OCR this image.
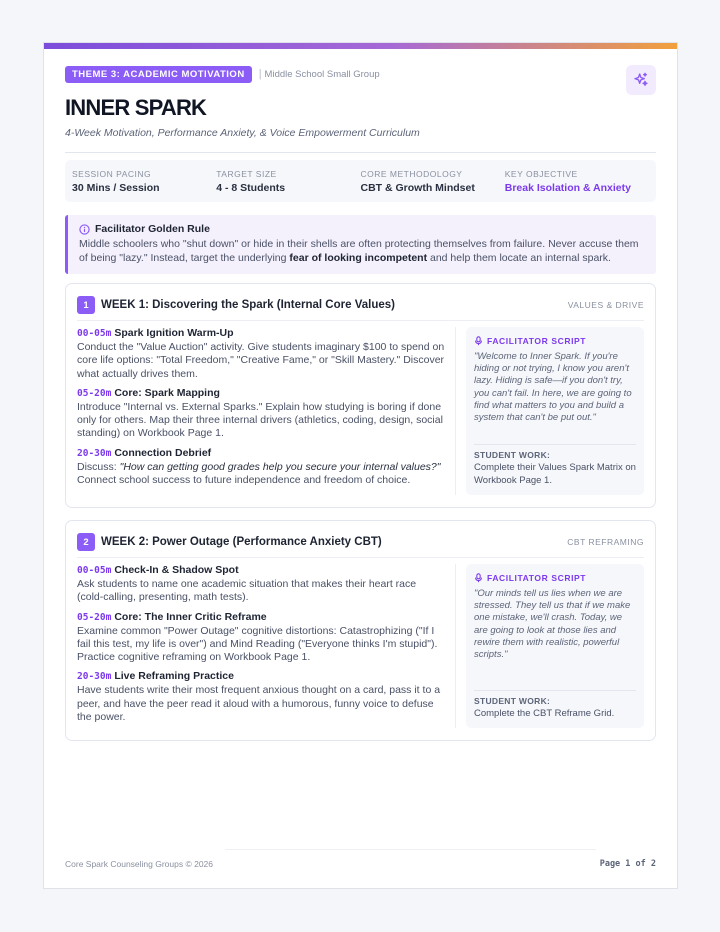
THEME 3: ACADEMIC MOTIVATION	| Middle School Small Group
INNER SPARK
4-Week Motivation, Performance Anxiety, & Voice Empowerment Curriculum
SESSION PACING
30 Mins / Session
TARGET SIZE
4 - 8 Students
CORE METHODOLOGY
CBT & Growth Mindset
KEY OBJECTIVE
Break Isolation & Anxiety
Facilitator Golden Rule
Middle schoolers who "shut down" or hide in their shells are often protecting themselves from failure. Never accuse them of being "lazy." Instead, target the underlying fear of looking incompetent and help them locate an internal spark.
1	WEEK 1: Discovering the Spark (Internal Core Values)	VALUES & DRIVE
00-05m Spark Ignition Warm-Up
Conduct the "Value Auction" activity. Give students imaginary $100 to spend on core life options: "Total Freedom," "Creative Fame," or "Skill Mastery." Discover what actually drives them.
05-20m Core: Spark Mapping
Introduce "Internal vs. External Sparks." Explain how studying is boring if done only for others. Map their three internal drivers (athletics, coding, design, social standing) on Workbook Page 1.
20-30m Connection Debrief
Discuss: "How can getting good grades help you secure your internal values?" Connect school success to future independence and freedom of choice.
FACILITATOR SCRIPT
"Welcome to Inner Spark. If you're hiding or not trying, I know you aren't lazy. Hiding is safe—if you don't try, you can't fail. In here, we are going to find what matters to you and build a system that can't be put out."
STUDENT WORK:
Complete their Values Spark Matrix on Workbook Page 1.
2	WEEK 2: Power Outage (Performance Anxiety CBT)	CBT REFRAMING
00-05m Check-In & Shadow Spot
Ask students to name one academic situation that makes their heart race (cold-calling, presenting, math tests).
05-20m Core: The Inner Critic Reframe
Examine common "Power Outage" cognitive distortions: Catastrophizing ("If I fail this test, my life is over") and Mind Reading ("Everyone thinks I'm stupid"). Practice cognitive reframing on Workbook Page 1.
20-30m Live Reframing Practice
Have students write their most frequent anxious thought on a card, pass it to a peer, and have the peer read it aloud with a humorous, funny voice to defuse the power.
FACILITATOR SCRIPT
"Our minds tell us lies when we are stressed. They tell us that if we make one mistake, we'll crash. Today, we are going to look at those lies and rewire them with realistic, powerful scripts."
STUDENT WORK:
Complete the CBT Reframe Grid.
Core Spark Counseling Groups © 2026	Page 1 of 2
